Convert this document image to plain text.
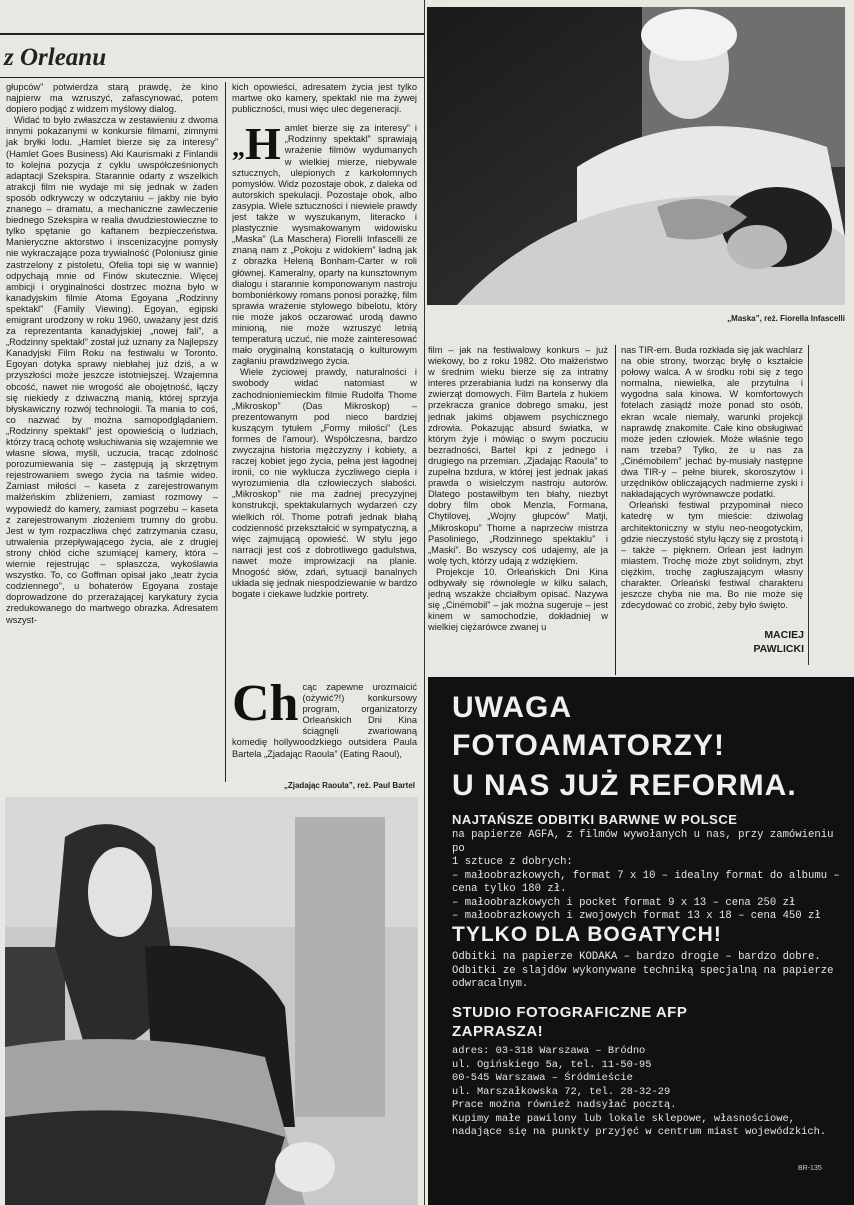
z Orleanu

głupców” potwierdza starą prawdę, że kino najpierw ma wzruszyć, zafascynować, potem dopiero podjąć z widzem myślowy dialog.

Widać to było zwłaszcza w zestawieniu z dwoma innymi pokazanymi w konkursie filmami, zimnymi jak bryłki lodu. „Hamlet bierze się za interesy” (Hamlet Goes Business) Aki Kaurismaki z Finlandii to kolejna pozycja z cyklu uwspółcześnionych adaptacji Szekspira. Starannie odarty z wszelkich atrakcji film nie wydaje mi się jednak w żaden sposób odkrywczy w odczytaniu – jakby nie było znanego – dramatu, a mechaniczne zawleczenie biednego Szekspira w realia dwudziestowieczne to tylko spętanie go kaftanem bezpieczeństwa. Manieryczne aktorstwo i inscenizacyjne pomysły nie wykraczające poza trywialność (Poloniusz ginie zastrzelony z pistoletu, Ofelia topi się w wannie) odpychają mnie od Finów skutecznie. Więcej ambicji i oryginalności dostrzec można było w kanadyjskim filmie Atoma Egoyana „Rodzinny spektakl” (Family Viewing). Egoyan, egipski emigrant urodzony w roku 1960, uważany jest dziś za reprezentanta kanadyjskiej „nowej fali”, a „Rodzinny spektakl” został już uznany za Najlepszy Kanadyjski Film Roku na festiwalu w Toronto. Egoyan dotyka sprawy niebłahej już dziś, a w przyszłości może jeszcze istotniejszej. Wzajemna obcość, nawet nie wrogość ale obojętność, łączy się niekiedy z dziwaczną manią, której sprzyja błyskawiczny rozwój technologii. Ta mania to coś, co nazwać by można samopodglądaniem. „Rodzinny spektakl” jest opowieścią o ludziach, którzy tracą ochotę wsłuchiwania się wzajemnie we własne słowa, myśli, uczucia, tracąc zdolność porozumiewania się – zastępują ją skrzętnym rejestrowaniem swego życia na taśmie wideo. Zamiast miłości – kaseta z zarejestrowanym małżeńskim zbliżeniem, zamiast rozmowy – wypowiedź do kamery, zamiast pogrzebu – kaseta z zarejestrowanym złożeniem trumny do grobu. Jest w tym rozpaczliwa chęć zatrzymania czasu, utrwalenia przepływającego życia, ale z drugiej strony chłód ciche szumiącej kamery, która – wiernie rejestrując – spłaszcza, wykoślawia wszystko. To, co Goffman opisał jako „teatr życia codziennego”, u bohaterów Egoyana zostaje doprowadzone do przerażającej karykatury życia zredukowanego do martwego obrazka. Adresatem wszyst-

kich opowieści, adresatem życia jest tylko martwe oko kamery, spektakl nie ma żywej publiczności, musi więc ulec degeneracji.

„ H amlet bierze się za interesy” i „Rodzinny spektakl” sprawiają wrażenie filmów wydumanych w wielkiej mierze, niebywale sztucznych, ulepionych z karkołomnych pomysłów. Widz pozostaje obok, z daleka od autorskich spekulacji. Pozostaje obok, albo zasypia. Wiele sztuczności i niewiele prawdy jest także w wyszukanym, literacko i plastycznie wysmakowanym widowisku „Maska” (La Maschera) Fiorelli Infascelli ze znaną nam z „Pokoju z widokiem” ładną jak z obrazka Heleną Bonham-Carter w roli głównej. Kameralny, oparty na kunsztownym dialogu i starannie komponowanym nastroju bomboniérkowy romans ponosi porażkę, film sprawia wrażenie stylowego bibelotu, który nie może jakoś oczarować urodą dawno minioną, nie może wzruszyć letnią temperaturą uczuć, nie może zainteresować mało oryginalną konstatacją o kulturowym zagłaniu prawdziwego życia.

Wiele życiowej prawdy, naturalności i swobody widać natomiast w zachodnioniemieckim filmie Rudolfa Thome „Mikroskop” (Das Mikroskop) – prezentowanym pod nieco bardziej kuszącym tytułem „Formy miłości” (Les formes de l'amour). Współczesna, bardzo zwyczajna historia mężczyzny i kobiety, a raczej kobiet jego życia, pełna jest łagodnej ironii, co nie wyklucza życzliwego ciepła i wyrozumienia dla człowieczych słabości. „Mikroskop” nie ma żadnej precyzyjnej konstrukcji, spektakularnych wydarzeń czy wielkich ról. Thome potrafi jednak błahą codzienność przekształcić w sympatyczną, a więc zajmującą opowieść. W stylu jego narracji jest coś z dobrotliwego gadulstwa, nawet może improwizacji na planie. Mnogość słów, zdań, sytuacji banalnych układa się jednak niespodziewanie w bardzo bogate i ciekawe ludzkie portrety.

Ch cąc zapewne urozmaicić (ożywić?!) konkursowy program, organizatorzy Orleańskich Dni Kina ściągnęli zwariowaną komedię hollywoodzkiego outsidera Paula Bartela „Zjadając Raoula” (Eating Raoul),

„Zjadając Raoula”, reż. Paul Bartel
„Maska”, reż. Fiorella Infascelli

film – jak na festiwalowy konkurs – już wiekowy, bo z roku 1982. Oto małżeństwo w średnim wieku bierze się za intratny interes przerabiania ludzi na konserwy dla zwierząt domowych. Film Bartela z hukiem przekracza granice dobrego smaku, jest jednak jakimś objawem psychicznego zdrowia. Pokazując absurd światka, w którym żyje i mówiąc o swym poczuciu bezradności, Bartel kpi z jednego i drugiego na przemian. „Zjadając Raoula” to zupełna bzdura, w której jest jednak jakaś prawda o wisielczym nastroju autorów. Dlatego postawiłbym ten błahy, niezbyt dobry film obok Menzla, Formana, Chytilovej, „Wojny głupców” Matji, „Mikroskopu” Thome a naprzeciw mistrza Pasoliniego, „Rodzinnego spektaklu” i „Maski”. Bo wszyscy coś udajemy, ale ja wolę tych, którzy udają z wdziękiem.

Projekcje 10. Orleańskich Dni Kina odbywały się równolegle w kilku salach, jedną wszakże chciałbym opisać. Nazywa się „Cinémobil” – jak można sugeruje – jest kinem w samochodzie, dokładniej w wielkiej ciężarówce zwanej u

nas TIR-em. Buda rozkłada się jak wachlarz na obie strony, tworząc bryłę o kształcie połowy walca. A w środku robi się z tego normalna, niewielka, ale przytulna i wygodna sala kinowa. W komfortowych fotelach zasiądź może ponad sto osób, ekran wcale niemały, warunki projekcji naprawdę znakomite. Całe kino obsługiwać może jeden człowiek. Może właśnie tego nam trzeba? Tylko, że u nas za „Cinémobilem” jechać by-musiały następne dwa TIR-y – pełne biurek, skoroszytów i urzędników obliczających nadmierne zyski i nakładających wyrównawcze podatki.

Orleański festiwal przypominał nieco katedrę w tym mieście: dziwolag architektoniczny w stylu neo-neogotyckim, gdzie nieczystość stylu łączy się z prostotą i – także – pięknem. Orlean jest ładnym miastem. Trochę może zbyt solidnym, zbyt ciężkim, trochę zagłuszającym własny charakter. Orleański festiwal charakteru jeszcze chyba nie ma. Bo nie może się zdecydować co zrobić, żeby było święto.

MACIEJ
PAWLICKI
UWAGA
FOTOAMATORZY!
U NAS JUŻ REFORMA.
NAJTAŃSZE ODBITKI BARWNE W POLSCE
na papierze AGFA, z filmów wywołanych u nas, przy zamówieniu po
1 sztuce z dobrych:
– małoobrazkowych, format 7 x 10 – idealny format do albumu –
cena tylko 180 zł.
– małoobrazkowych i pocket format 9 x 13 – cena 250 zł
– małoobrazkowych i zwojowych format 13 x 18 – cena 450 zł
TYLKO DLA BOGATYCH!
Odbitki na papierze KODAKA – bardzo drogie – bardzo dobre.
Odbitki ze slajdów wykonywane techniką specjalną na papierze
odwracalnym.
STUDIO FOTOGRAFICZNE AFP
ZAPRASZA!
adres: 03-318 Warszawa – Bródno
ul. Ogińskiego 5a, tel. 11-50-95
00-545 Warszawa – Śródmieście
ul. Marszałkowska 72, tel. 28-32-29
Prace można również nadsyłać pocztą.
Kupimy małe pawilony lub lokale sklepowe, własnościowe,
nadające się na punkty przyjęć w centrum miast wojewódzkich.
BR-135
